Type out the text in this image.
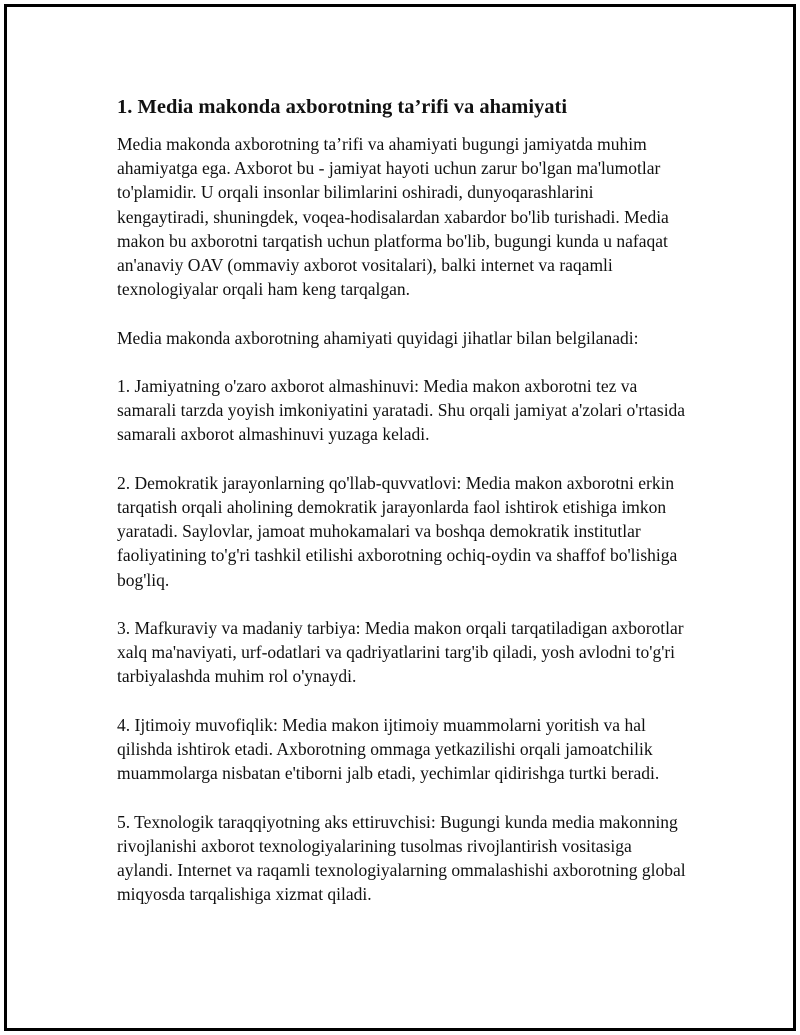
1. Media makonda axborotning ta’rifi va ahamiyati

Media makonda axborotning ta’rifi va ahamiyati bugungi jamiyatda muhim ahamiyatga ega. Axborot bu - jamiyat hayoti uchun zarur bo'lgan ma'lumotlar to'plamidir. U orqali insonlar bilimlarini oshiradi, dunyoqarashlarini kengaytiradi, shuningdek, voqea-hodisalardan xabardor bo'lib turishadi. Media makon bu axborotni tarqatish uchun platforma bo'lib, bugungi kunda u nafaqat an'anaviy OAV (ommaviy axborot vositalari), balki internet va raqamli texnologiyalar orqali ham keng tarqalgan.

Media makonda axborotning ahamiyati quyidagi jihatlar bilan belgilanadi:

1. Jamiyatning o'zaro axborot almashinuvi: Media makon axborotni tez va samarali tarzda yoyish imkoniyatini yaratadi. Shu orqali jamiyat a'zolari o'rtasida samarali axborot almashinuvi yuzaga keladi.

2. Demokratik jarayonlarning qo'llab-quvvatlovi: Media makon axborotni erkin tarqatish orqali aholining demokratik jarayonlarda faol ishtirok etishiga imkon yaratadi. Saylovlar, jamoat muhokamalari va boshqa demokratik institutlar faoliyatining to'g'ri tashkil etilishi axborotning ochiq-oydin va shaffof bo'lishiga bog'liq.

3. Mafkuraviy va madaniy tarbiya: Media makon orqali tarqatiladigan axborotlar xalq ma'naviyati, urf-odatlari va qadriyatlarini targ'ib qiladi, yosh avlodni to'g'ri tarbiyalashda muhim rol o'ynaydi.

4. Ijtimoiy muvofiqlik: Media makon ijtimoiy muammolarni yoritish va hal qilishda ishtirok etadi. Axborotning ommaga yetkazilishi orqali jamoatchilik muammolarga nisbatan e'tiborni jalb etadi, yechimlar qidirishga turtki beradi.

5. Texnologik taraqqiyotning aks ettiruvchisi: Bugungi kunda media makonning rivojlanishi axborot texnologiyalarining tusolmas rivojlantirish vositasiga aylandi. Internet va raqamli texnologiyalarning ommalashishi axborotning global miqyosda tarqalishiga xizmat qiladi.
